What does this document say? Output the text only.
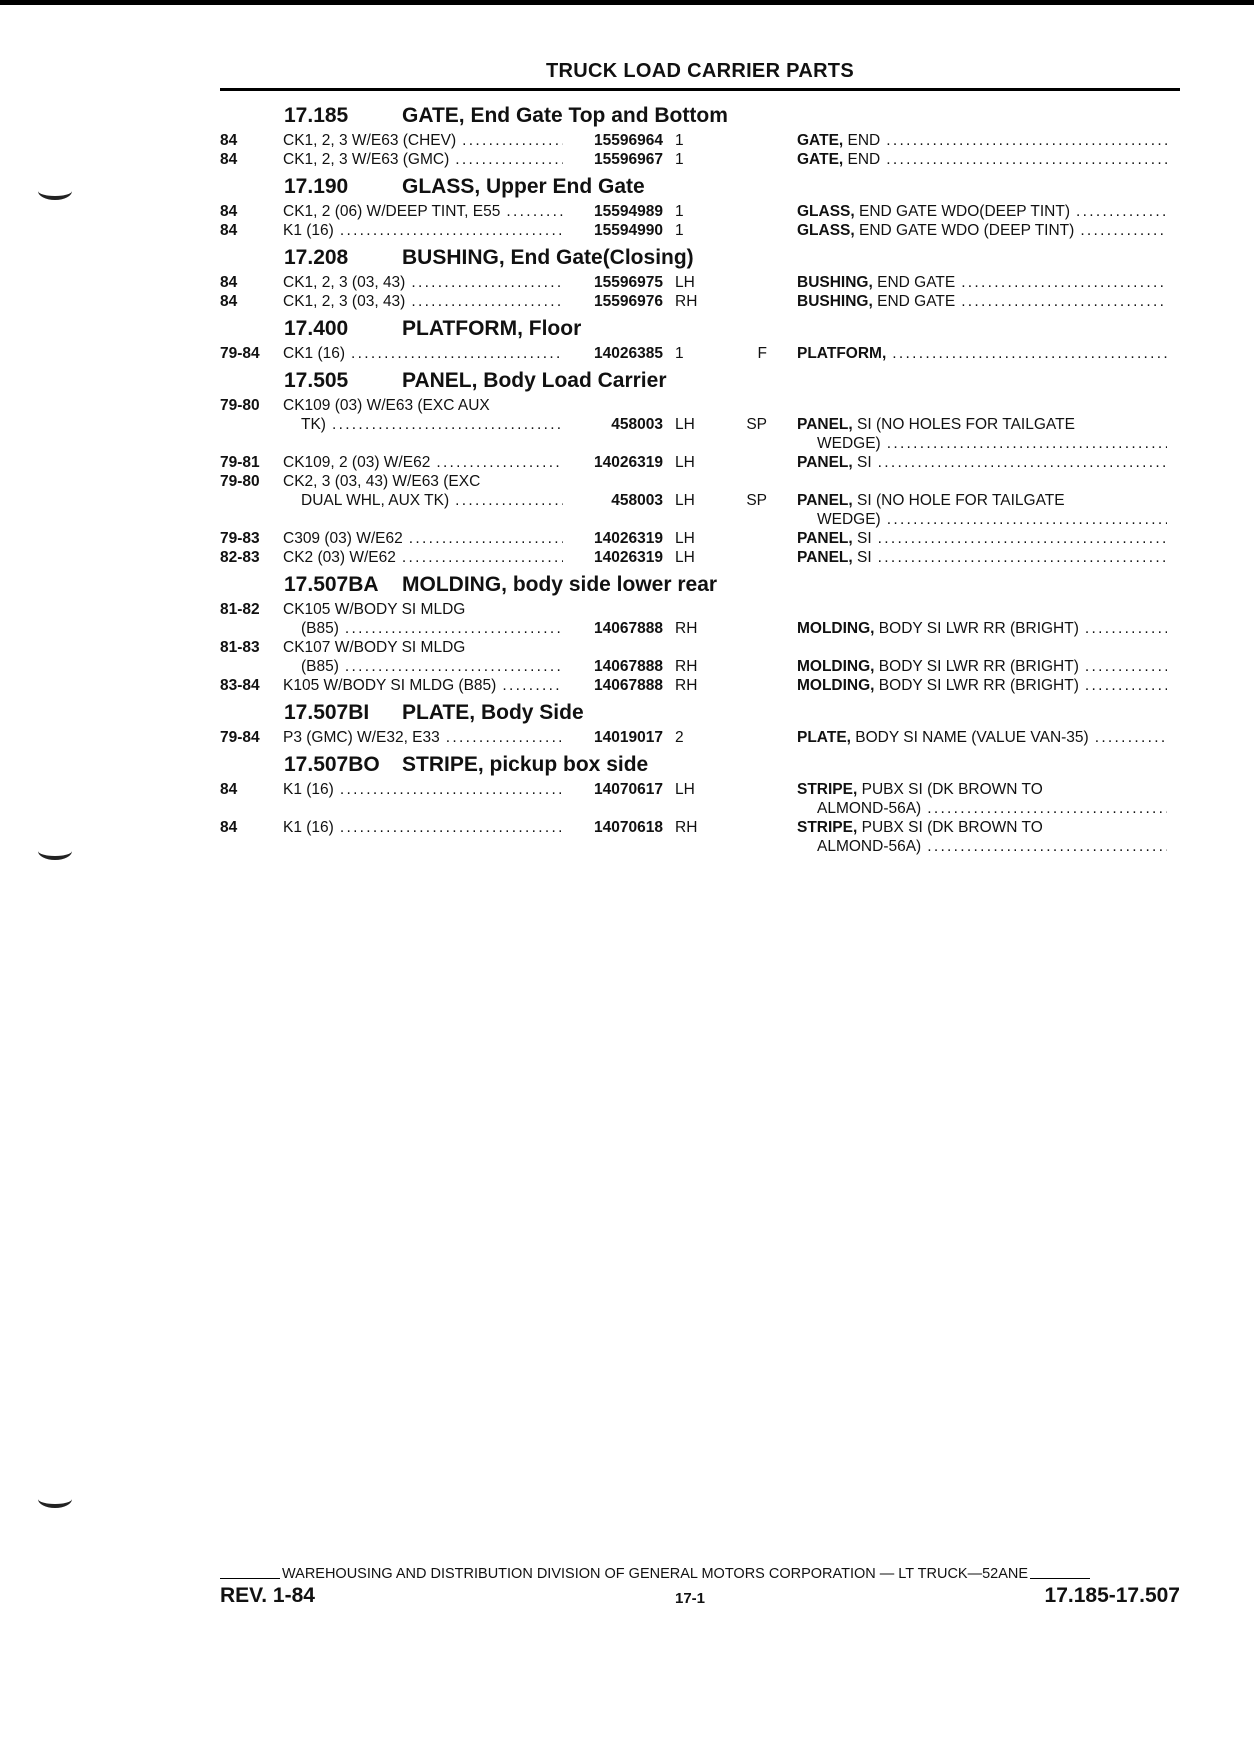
TRUCK LOAD CARRIER PARTS
17.185	GATE, End Gate Top and Bottom
84	CK1, 2, 3 W/E63 (CHEV) . . .	15596964 1	GATE, END
. . .
84	CK1, 2, 3 W/E63 (GMC) . . .	15596967 1	GATE, END
. . .
17.190	GLASS, Upper End Gate
84	CK1, 2 (06) W/DEEP TINT, E55 . . .	15594989 1	GLASS, END GATE WDO(DEEP TINT)
. . .
84	K1 (16) . . .	15594990 1	GLASS, END GATE WDO (DEEP TINT)
. . .
17.208	BUSHING, End Gate(Closing)
84	CK1, 2, 3 (03, 43) . . .	15596975 LH	BUSHING, END GATE
. . .
84	CK1, 2, 3 (03, 43) . . .	15596976 RH	BUSHING, END GATE
. . .
17.400	PLATFORM, Floor
79-84	CK1 (16) . . .	14026385 1	F	PLATFORM,
. . .
17.505	PANEL, Body Load Carrier
79-80 CK109 (03) W/E63 (EXC AUX
TK) . . .	458003 LH	SP	PANEL, SI (NO HOLES FOR TAILGATE
WEDGE)
. . .
79-81	CK109, 2 (03) W/E62 . . .	14026319 LH	PANEL, SI
. . .
79-80 CK2, 3 (03, 43) W/E63 (EXC
DUAL WHL, AUX TK) . . .	458003 LH	SP	PANEL, SI (NO HOLE FOR TAILGATE
WEDGE)
. . .
79-83	C309 (03) W/E62 . . .	14026319 LH	PANEL, SI
. . .
82-83	CK2 (03) W/E62 . . .	14026319 LH	PANEL, SI
. . .
17.507BA	MOLDING, body side lower rear
81-82 CK105 W/BODY SI MLDG
(B85) . . .	14067888 RH	MOLDING, BODY SI LWR RR (BRIGHT)
. . .
81-83 CK107 W/BODY SI MLDG
(B85) . . .	14067888 RH	MOLDING, BODY SI LWR RR (BRIGHT)
. . .
83-84	K105 W/BODY SI MLDG (B85) . . .	14067888 RH	MOLDING, BODY SI LWR RR (BRIGHT)
. . .
17.507BI	PLATE, Body Side
79-84	P3 (GMC) W/E32, E33 . . .	14019017 2	PLATE, BODY SI NAME (VALUE VAN-35)
. . .
17.507BO	STRIPE, pickup box side
84	K1 (16) . . .	14070617 LH	STRIPE, PUBX SI (DK BROWN TO
ALMOND-56A)
. . .
84	K1 (16) . . .	14070618 RH	STRIPE, PUBX SI (DK BROWN TO
ALMOND-56A)
. . .
WAREHOUSING AND DISTRIBUTION DIVISION OF GENERAL MOTORS CORPORATION — LT TRUCK—52ANE
REV. 1-84	17-1	17.185-17.507
